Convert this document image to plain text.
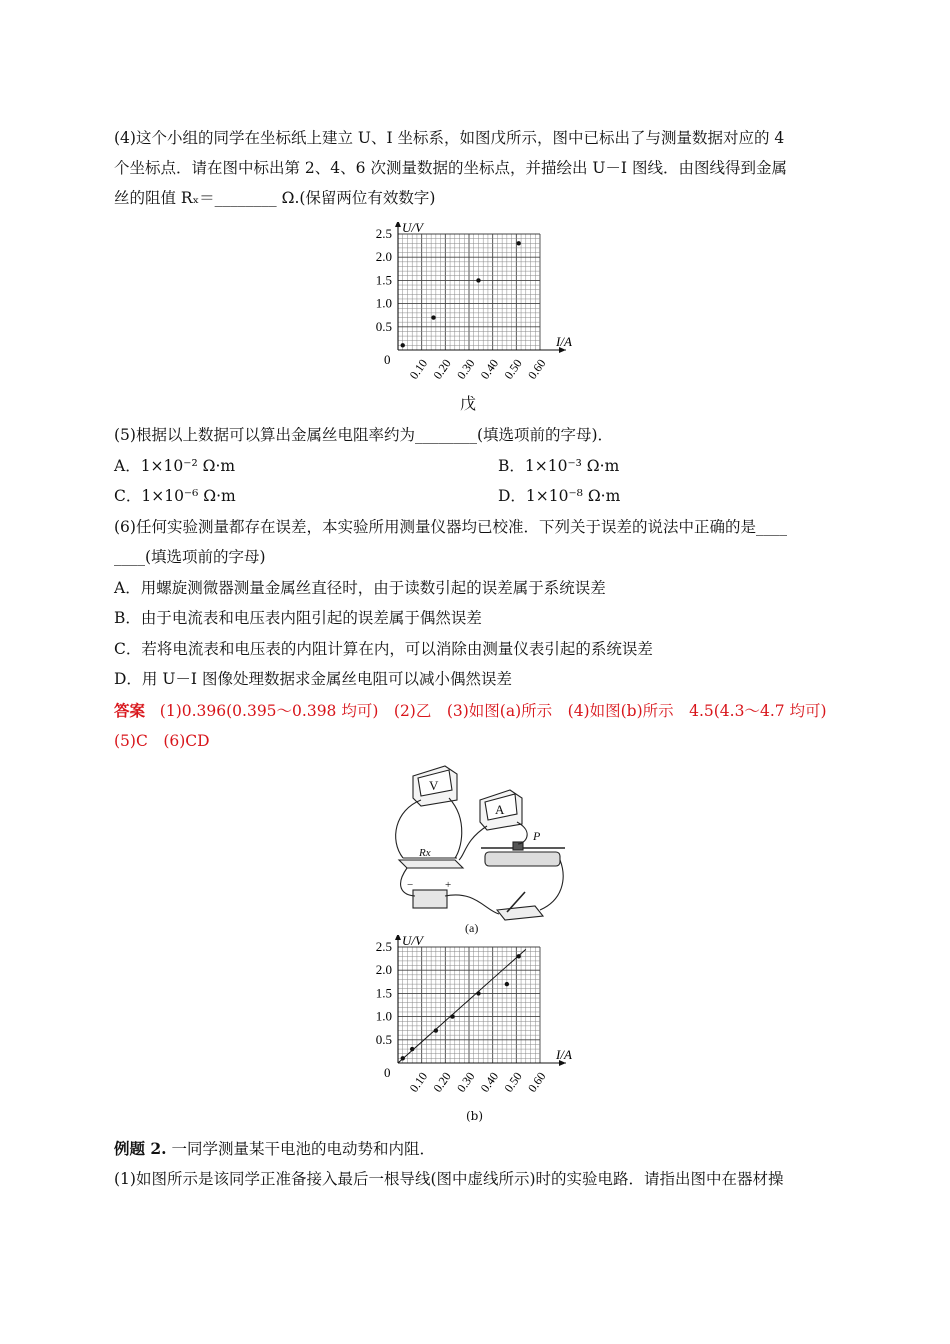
(4)这个小组的同学在坐标纸上建立 U、I 坐标系，如图戊所示，图中已标出了与测量数据对应的 4
个坐标点．请在图中标出第 2、4、6 次测量数据的坐标点，并描绘出 U－I 图线．由图线得到金属
丝的阻值 Rₓ＝________ Ω.(保留两位有效数字)
I/A
U/V
0
0.5
1.0
1.5
2.0
2.5
0.10 0.20 0.30 0.40 0.50 0.60
戊
(5)根据以上数据可以算出金属丝电阻率约为________(填选项前的字母)．
A．1×10⁻² Ω·m	B．1×10⁻³ Ω·m
C．1×10⁻⁶ Ω·m	D．1×10⁻⁸ Ω·m
(6)任何实验测量都存在误差，本实验所用测量仪器均已校准．下列关于误差的说法中正确的是____
____(填选项前的字母)
A．用螺旋测微器测量金属丝直径时，由于读数引起的误差属于系统误差
B．由于电流表和电压表内阻引起的误差属于偶然误差
C．若将电流表和电压表的内阻计算在内，可以消除由测量仪表引起的系统误差
D．用 U－I 图像处理数据求金属丝电阻可以减小偶然误差
答案 (1)0.396(0.395～0.398 均可)　(2)乙　(3)如图(a)所示　(4)如图(b)所示　4.5(4.3～4.7 均可)
(5)C　(6)CD
V
A
Rx
P
−	+
(a)
I/A
U/V
0
0.5
1.0
1.5
2.0
2.5
0.10 0.20 0.30 0.40 0.50 0.60
(b)
例题 2. 一同学测量某干电池的电动势和内阻．
(1)如图所示是该同学正准备接入最后一根导线(图中虚线所示)时的实验电路．请指出图中在器材操
